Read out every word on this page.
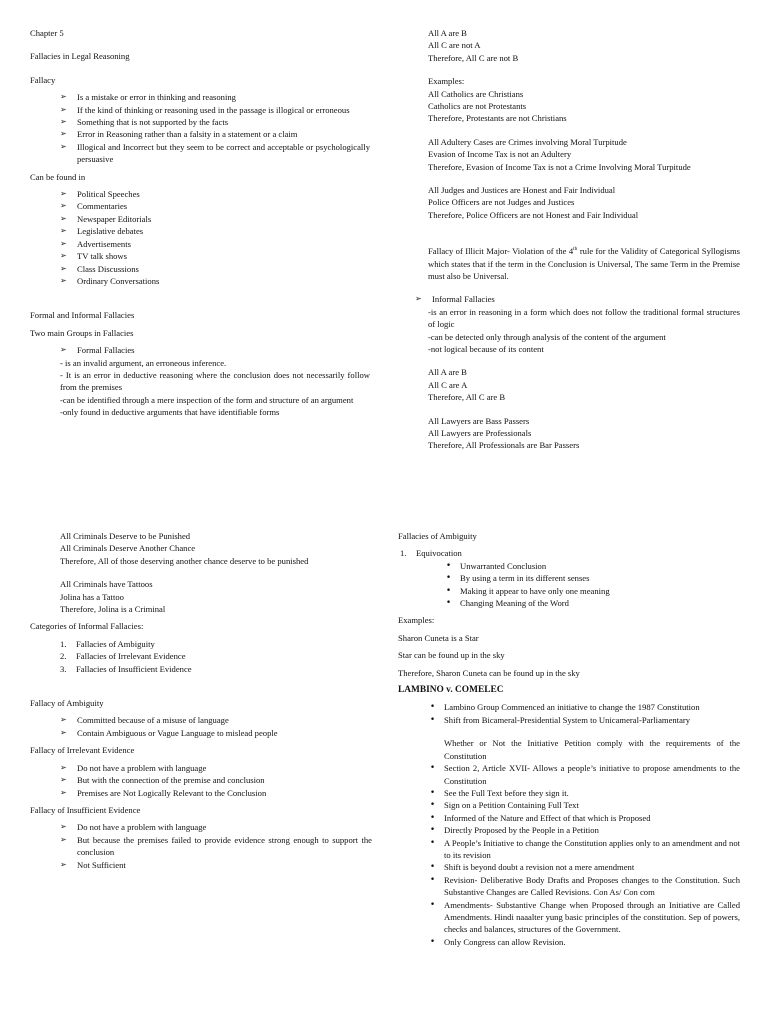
Chapter 5

Fallacies in Legal Reasoning

Fallacy

➢ Is a mistake or error in thinking and reasoning

➢ If the kind of thinking or reasoning used in the passage is illogical or erroneous

➢ Something that is not supported by the facts

➢ Error in Reasoning rather than a falsity in a statement or a claim

➢ Illogical and Incorrect but they seem to be correct and acceptable or psychologically persuasive

Can be found in

➢ Political Speeches

➢ Commentaries

➢ Newspaper Editorials

➢ Legislative debates

➢ Advertisements

➢ TV talk shows

➢ Class Discussions

➢ Ordinary Conversations

Formal and Informal Fallacies

Two main Groups in Fallacies

➢ Formal Fallacies

- is an invalid argument, an erroneous inference.

- It is an error in deductive reasoning where the conclusion does not necessarily follow from the premises

-can be identified through a mere inspection of the form and structure of an argument

-only found in deductive arguments that have identifiable forms

All A are B

All C are not A

Therefore, All C are not B

Examples:

All Catholics are Christians

Catholics are not Protestants

Therefore, Protestants are not Christians

All Adultery Cases are Crimes involving Moral Turpitude

Evasion of Income Tax is not an Adultery

Therefore, Evasion of Income Tax is not a Crime Involving Moral Turpitude

All Judges and Justices are Honest and Fair Individual

Police Officers are not Judges and Justices

Therefore, Police Officers are not Honest and Fair Individual

Fallacy of Illicit Major- Violation of the 4th rule for the Validity of Categorical Syllogisms which states that if the term in the Conclusion is Universal, The same Term in the Premise must also be Universal.

➢ Informal Fallacies

-is an error in reasoning in a form which does not follow the traditional formal structures of logic

-can be detected only through analysis of the content of the argument

-not logical because of its content

All A are B

All C are A

Therefore, All C are B

All Lawyers are Bass Passers

All Lawyers are Professionals

Therefore, All Professionals are Bar Passers

All Criminals Deserve to be Punished

All Criminals Deserve Another Chance

Therefore, All of those deserving another chance deserve to be punished

All Criminals have Tattoos

Jolina has a Tattoo

Therefore, Jolina is a Criminal

Categories of Informal Fallacies:

1. Fallacies of Ambiguity

2. Fallacies of Irrelevant Evidence

3. Fallacies of Insufficient Evidence

Fallacy of Ambiguity

➢ Committed because of a misuse of language

➢ Contain Ambiguous or Vague Language to mislead people

Fallacy of Irrelevant Evidence

➢ Do not have a problem with language

➢ But with the connection of the premise and conclusion

➢ Premises are Not Logically Relevant to the Conclusion

Fallacy of Insufficient Evidence

➢ Do not have a problem with language

➢ But because the premises failed to provide evidence strong enough to support the conclusion

➢ Not Sufficient

Fallacies of Ambiguity

1. Equivocation

• Unwarranted Conclusion

• By using a term in its different senses

• Making it appear to have only one meaning

• Changing Meaning of the Word

Examples:

Sharon Cuneta is a Star

Star can be found up in the sky

Therefore, Sharon Cuneta can be found up in the sky

LAMBINO v. COMELEC

• Lambino Group Commenced an initiative to change the 1987 Constitution

• Shift from Bicameral-Presidential System to Unicameral-Parliamentary

Whether or Not the Initiative Petition comply with the requirements of the Constitution

• Section 2, Article XVII- Allows a people’s initiative to propose amendments to the Constitution

• See the Full Text before they sign it.

• Sign on a Petition Containing Full Text

• Informed of the Nature and Effect of that which is Proposed

• Directly Proposed by the People in a Petition

• A People’s Initiative to change the Constitution applies only to an amendment and not to its revision

• Shift is beyond doubt a revision not a mere amendment

• Revision- Deliberative Body Drafts and Proposes changes to the Constitution. Such Substantive Changes are Called Revisions. Con As/ Con com

• Amendments- Substantive Change when Proposed through an Initiative are Called Amendments. Hindi naaalter yung basic principles of the constitution. Sep of powers, checks and balances, structures of the Government.

• Only Congress can allow Revision.
